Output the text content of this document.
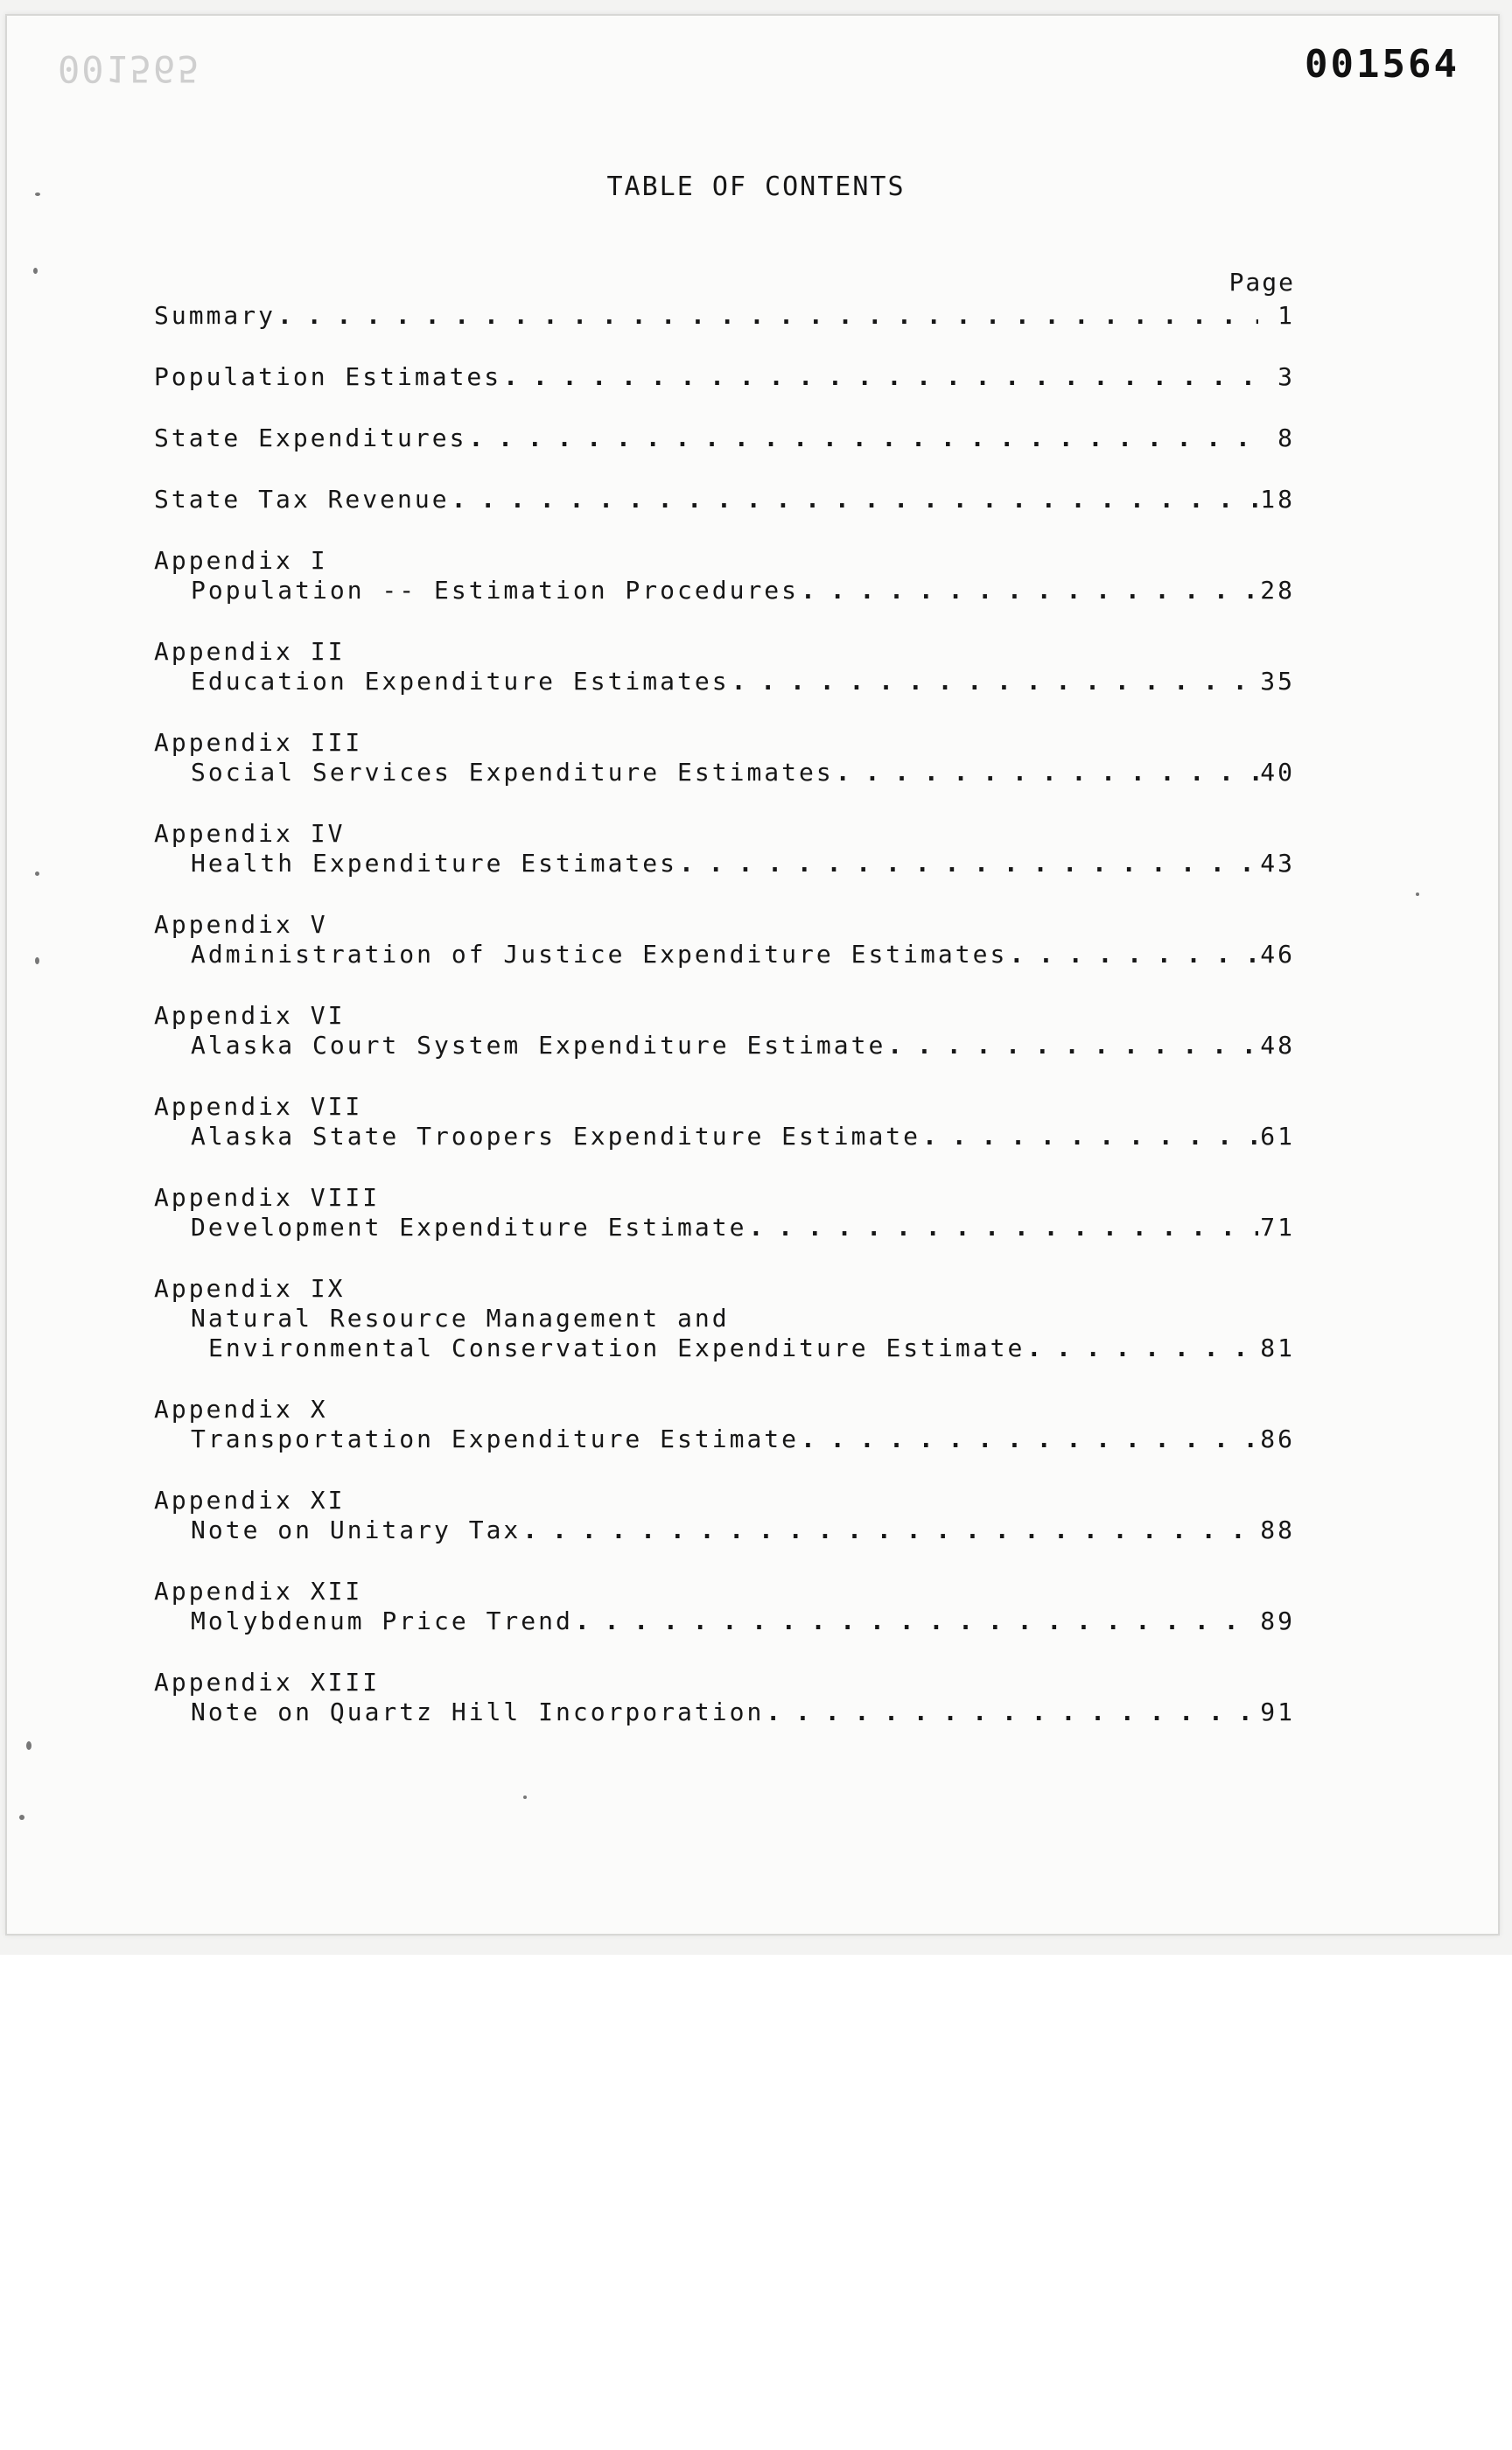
001565	001564
TABLE OF CONTENTS
Page
Summary . . .	1
Population Estimates . . .	3
State Expenditures . . .	8
State Tax Revenue . . .	18
Appendix I
Population -- Estimation Procedures . . .	28
Appendix II
Education Expenditure Estimates . . .	35
Appendix III
Social Services Expenditure Estimates . . .	40
Appendix IV
Health Expenditure Estimates . . .	43
Appendix V
Administration of Justice Expenditure Estimates . . .	46
Appendix VI
Alaska Court System Expenditure Estimate . . .	48
Appendix VII
Alaska State Troopers Expenditure Estimate . . .	61
Appendix VIII
Development Expenditure Estimate . . .	71
Appendix IX
Natural Resource Management and
Environmental Conservation Expenditure Estimate . . .	81
Appendix X
Transportation Expenditure Estimate . . .	86
Appendix XI
Note on Unitary Tax . . .	88
Appendix XII
Molybdenum Price Trend . . .	89
Appendix XIII
Note on Quartz Hill Incorporation . . .	91
